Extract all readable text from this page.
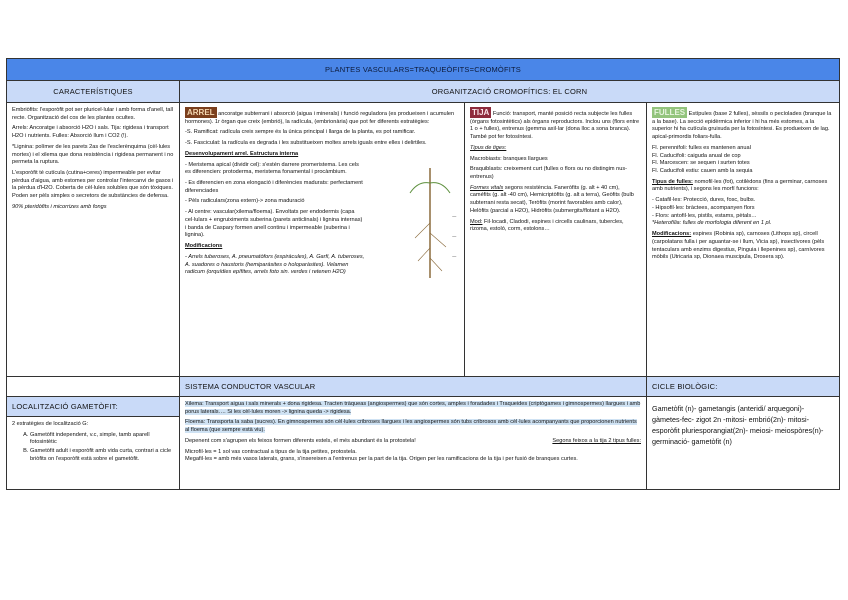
PLANTES VASCULARS=TRAQUEÒFITS=CROMÒFITS
CARACTERÍSTIQUES	ORGANITZACIÓ CROMOFÍTICS: EL CORN

Embriòfits: l'esporòfit pot ser pluricel·lular i amb forma d'anell, tall recte. Organització del cos de les plantes ocultes.

Arrels: Ancoratge i absorció H2O i sals. Tija: rigidesa i transport H2O i nutrients. Fulles: Absorció llum i CO2 (!).

*Lignina: polímer de les parets 2as de l'esclerènquima (cèl·lules mortes) i el xilema que dona resistència i rigidesa permanent i no permeta la ruptura.

L'esporòfit té cutícula (cutina+ceres) impermeable per evitar pèrdua d'aigua, amb estomes per controlar l'intercanvi de gasos i la pèrdua d'H2O. Coberta de cèl·lules solubles que són tòxiques. Poden ser pèls simples o secretors de substàncies de defensa.

90% pteridòfits i micorrizes amb fongs

ARREL ancoratge subterrani i absorció (aigua i minerals) i funció reguladora (es produeixen i acumulen hormones). 1r òrgan que creix (embrió), la radícula, (embrionària) que pot fer diferents estratègies:

-S. Ramificat: radícula creix sempre és la única principal i llarga de la planta, es pot ramificar.

-S. Fasciculat: la radícula es degrada i les substitueixen moltes arrels iguals entre elles i delirtiles.

Desenvolupament arrel. Estructura interna

- Meristema apical (dividir cel): s'estén darrere promeristema. Les cels es diferencien: protoderma, meristema fonamental i procàmbium.

- Es diferencien en zona elongació i diferències madurats: perfectament diferenciades

- Pèls radiculars(zona extern)-> zona maduració

- Al centre: vascular(xilema/floema). Envoltats per endodermis (capa cel·lulars + engruiximents suberina (parets anticlinals) i lignina internas) i banda de Caspary formen anell continu i impermeable (suberina i lignina).

Modificacions

- Arrels tuberoses, A. pneumatòfors (espiràcules), A. Garfi, A. tuberoses, A. suadores o haustoris (hemiparàsites o holoparàsites). Velamen radicum (orquídies epífites, arrels foto sin. verdes i retenen H2O)

—
—
—

TIJA Funció: transport, manté posició recta subjecte les fulles (òrgans fotosintètics) als òrgans reproductors. Inclou uns (flors entre 1 o + fulles), entrenus (gemma axil·lar (dona lloc a sona branca). També pot fer fotosíntesi.

Tipus de tiges:

Macrobiasts: branques llargues

Braquiblasts: creixement curt (fulles o flors ou no distingim nus-entrenus)

Formes vitals segons resistència. Faneròfits (g. alt + 40 cm), caméfits (g. alt -40 cm), Hemicriptòfits (g. alt a terra), Geòfits (bulb subterrani resta secat), Teròfits (morint favorables amb calor), Helòfits (parcial a H2O), Hidròfits (submergits/flotant a H2O).

Mod: Fil·locadi, Cladodi, espines i circells caulinars, tubercles, rizoma, estoló, corm, estolons…

FULLES Estípules (base 2 fulles), sèssils o pecíolades (branque la a la base). La secció epidèrmica inferior i hi ha més estomes, a la superior hi ha cutícula gruixuda per la fotosíntesi. Es produeixen de lag. apical-primordis foliars-fulla.

Fl. perennifoli: fulles es mantenen anual

Fl. Caducifoli: caiguda anual de cop

Fl. Marcescen: se sequen i surten totes

Fl. Caducifoli estiu: cauen amb la sequia

Tipus de fulles: nomofil·les (fot), cotilèdons (fins a germinar, carnoses amb nutrients), i segons les morfí funcions:

- Catafil·les: Protecció, dures, fosc, bulbs.

- Hipsofil·les: bràctees, acompanyen flors

- Flors: antofil·les, pistils, estams, pètals…

*Heterofília: fulles de morfologia diferent en 1 pl.

Modificacions: espines (Robinia sp), carnoses (Lithops sp), circell (carpolatans fulla i per aguantar-se i llum, Vicia sp), insectívores (pèls tentaculars amb enzims digestius, Pinguia i llepenines sp), carnívores mòbils (Utricaria sp, Dionaea muscipula, Drosera sp).

SISTEMA CONDUCTOR VASCULAR	CICLE BIOLÒGIC:
LOCALITZACIÓ GAMETÒFIT:

2 estratègies de localització G:

A. Gametòfit independent, v.c, simple, tamb aparell fotosintètic
B. Gametòfit adult i esporòfit amb vida curta, contrari a cicle briòfits on l'esporòfit està sobre el gametòfit.

Xilema: Transport aigua i sals minerals + dona rigidesa. Tracten tràqueas (angiospermes) que són cortes, amples i foradades i Traqueides (criptògames i gimnospermes) llargues i amb porus laterals…. Si les cèl·lules moren -> lignina queda -> rigidesa.

Floema: Transporta la saba (sucres). En gimnospermes són cèl·lules cribroses llargues i les angiospermes són tubs cribrosos amb cèl·lules acompanyants que proporcionen nutrients al floema (que sempre està viu).

Depenent com s'agrupen els feixos formen diferents estels, el més abundant és la protostela!	Segons feixos a la tija 2 tipus fulles:

Microfil·les = 1 sol vas contractual a tipus de la tija petites, protostela.

Megafil·les = amb més vasos laterals, grans, s'insereixen a l'entrenus per la part de la tija. Origen per les ramificacions de la tija i per fusió de branques curtes.

Gametòfit (n)- gametangis (anteridi/ arquegoni)- gàmetes-fec- zigot 2n -mitosi- embrió(2n)- mitosi- esporòfit pluriesporangiat(2n)- meiosi- meiospòres(n)- germinació- gametòfit (n)
